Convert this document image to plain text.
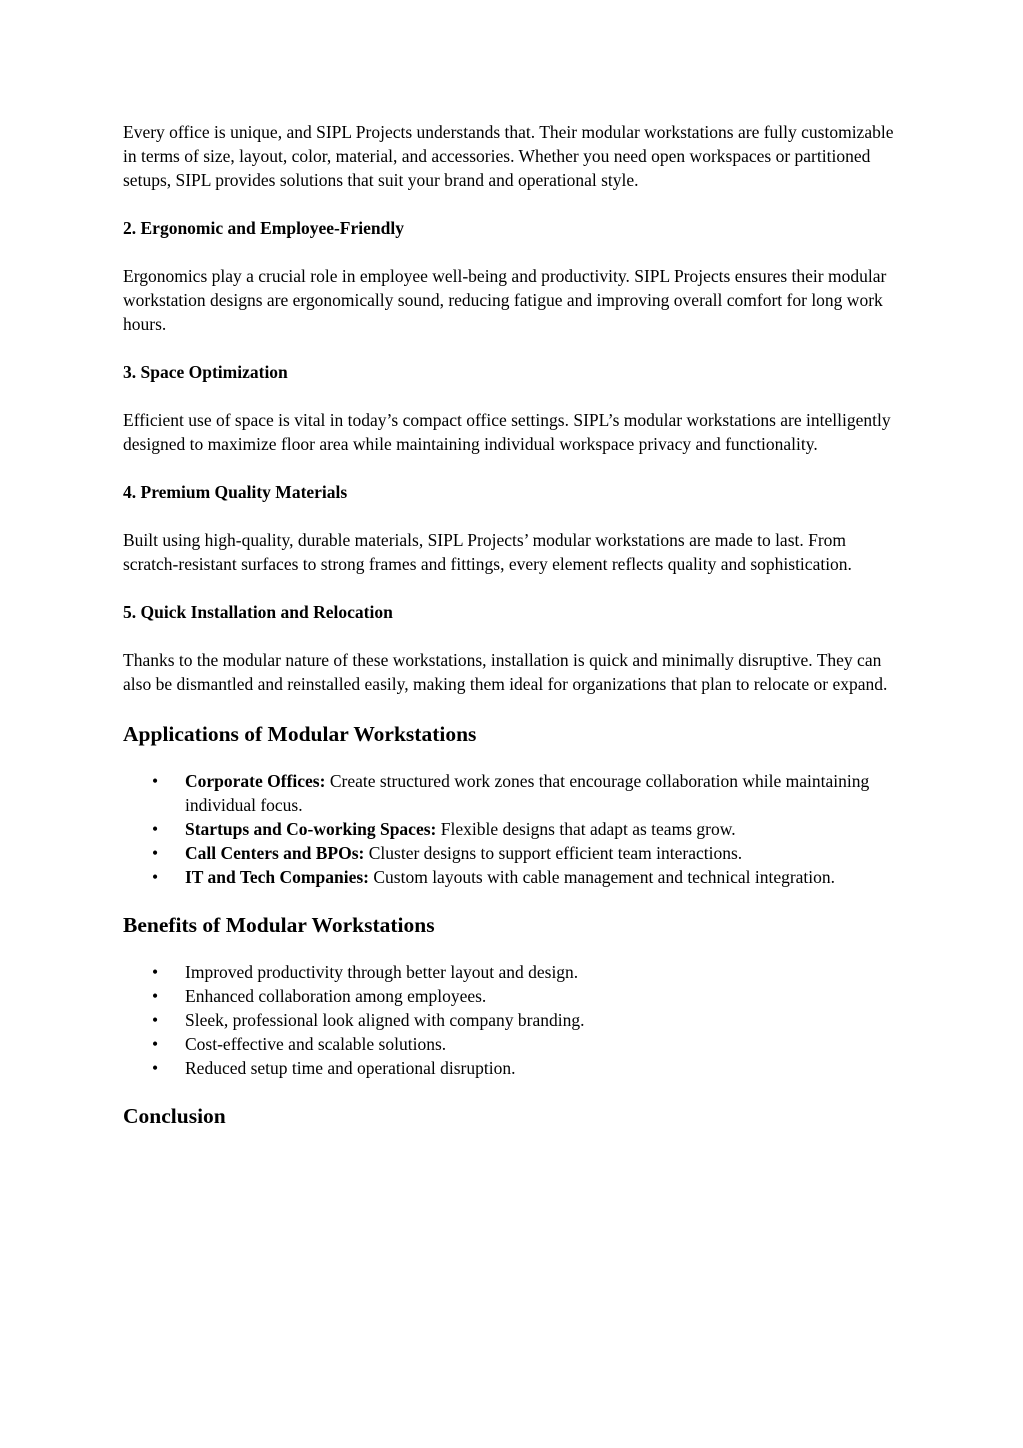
Every office is unique, and SIPL Projects understands that. Their modular workstations are fully customizable in terms of size, layout, color, material, and accessories. Whether you need open workspaces or partitioned setups, SIPL provides solutions that suit your brand and operational style.

2. Ergonomic and Employee-Friendly

Ergonomics play a crucial role in employee well-being and productivity. SIPL Projects ensures their modular workstation designs are ergonomically sound, reducing fatigue and improving overall comfort for long work hours.

3. Space Optimization

Efficient use of space is vital in today’s compact office settings. SIPL’s modular workstations are intelligently designed to maximize floor area while maintaining individual workspace privacy and functionality.

4. Premium Quality Materials

Built using high-quality, durable materials, SIPL Projects’ modular workstations are made to last. From scratch-resistant surfaces to strong frames and fittings, every element reflects quality and sophistication.

5. Quick Installation and Relocation

Thanks to the modular nature of these workstations, installation is quick and minimally disruptive. They can also be dismantled and reinstalled easily, making them ideal for organizations that plan to relocate or expand.

Applications of Modular Workstations
• Corporate Offices: Create structured work zones that encourage collaboration while maintaining individual focus.
• Startups and Co-working Spaces: Flexible designs that adapt as teams grow.
• Call Centers and BPOs: Cluster designs to support efficient team interactions.
• IT and Tech Companies: Custom layouts with cable management and technical integration.
Benefits of Modular Workstations
• Improved productivity through better layout and design.
• Enhanced collaboration among employees.
• Sleek, professional look aligned with company branding.
• Cost-effective and scalable solutions.
• Reduced setup time and operational disruption.
Conclusion
